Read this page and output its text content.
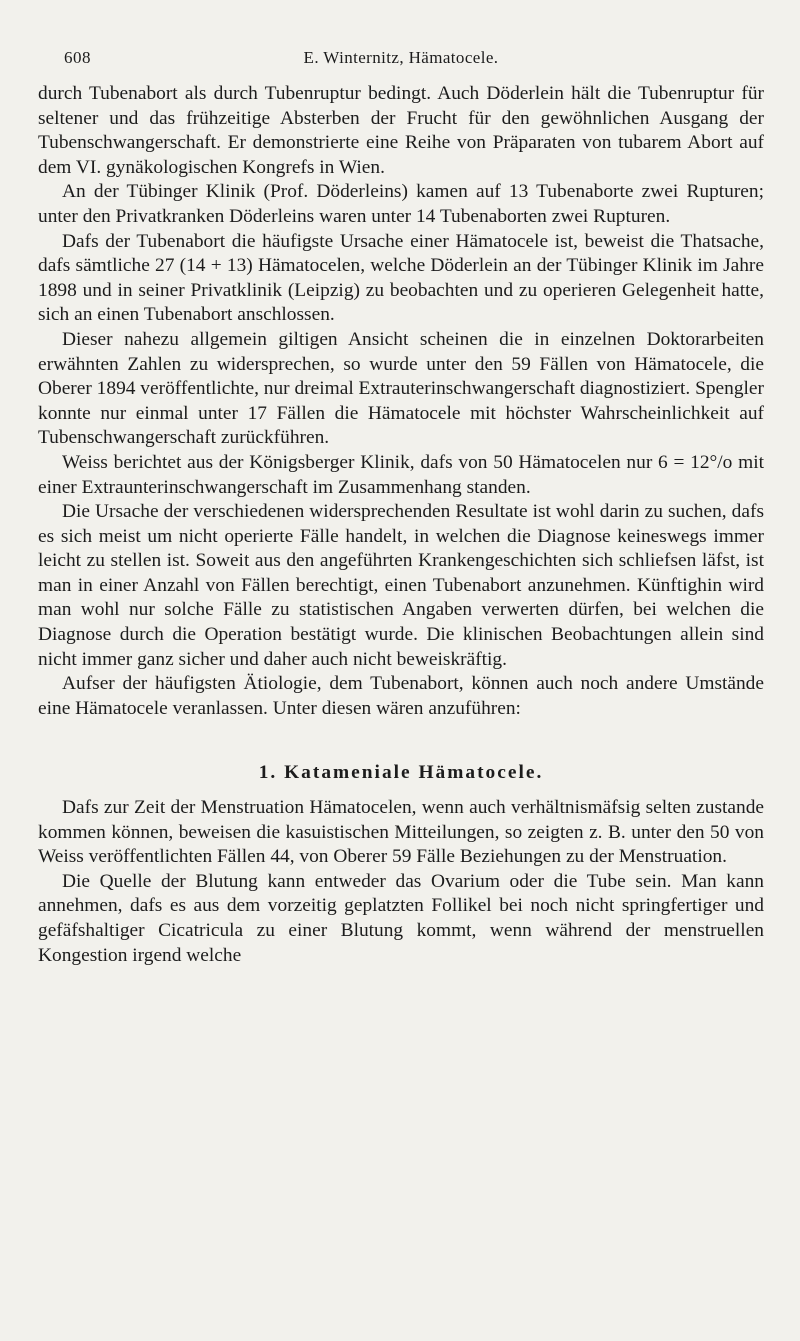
608	E. Winternitz, Hämatocele.

durch Tubenabort als durch Tubenruptur bedingt. Auch Döderlein hält die Tubenruptur für seltener und das frühzeitige Absterben der Frucht für den gewöhnlichen Ausgang der Tubenschwangerschaft. Er demonstrierte eine Reihe von Präparaten von tubarem Abort auf dem VI. gynäkologischen Kongrefs in Wien.

An der Tübinger Klinik (Prof. Döderleins) kamen auf 13 Tubenaborte zwei Rupturen; unter den Privatkranken Döderleins waren unter 14 Tubenaborten zwei Rupturen.

Dafs der Tubenabort die häufigste Ursache einer Hämatocele ist, beweist die Thatsache, dafs sämtliche 27 (14 + 13) Hämatocelen, welche Döderlein an der Tübinger Klinik im Jahre 1898 und in seiner Privatklinik (Leipzig) zu beobachten und zu operieren Gelegenheit hatte, sich an einen Tubenabort anschlossen.

Dieser nahezu allgemein giltigen Ansicht scheinen die in einzelnen Doktorarbeiten erwähnten Zahlen zu widersprechen, so wurde unter den 59 Fällen von Hämatocele, die Oberer 1894 veröffentlichte, nur dreimal Extrauterinschwangerschaft diagnostiziert. Spengler konnte nur einmal unter 17 Fällen die Hämatocele mit höchster Wahrscheinlichkeit auf Tubenschwangerschaft zurückführen.

Weiss berichtet aus der Königsberger Klinik, dafs von 50 Hämatocelen nur 6 = 12°/o mit einer Extraunterinschwangerschaft im Zusammenhang standen.

Die Ursache der verschiedenen widersprechenden Resultate ist wohl darin zu suchen, dafs es sich meist um nicht operierte Fälle handelt, in welchen die Diagnose keineswegs immer leicht zu stellen ist. Soweit aus den angeführten Krankengeschichten sich schliefsen läfst, ist man in einer Anzahl von Fällen berechtigt, einen Tubenabort anzunehmen. Künftighin wird man wohl nur solche Fälle zu statistischen Angaben verwerten dürfen, bei welchen die Diagnose durch die Operation bestätigt wurde. Die klinischen Beobachtungen allein sind nicht immer ganz sicher und daher auch nicht beweiskräftig.

Aufser der häufigsten Ätiologie, dem Tubenabort, können auch noch andere Umstände eine Hämatocele veranlassen. Unter diesen wären anzuführen:

1. Katameniale Hämatocele.

Dafs zur Zeit der Menstruation Hämatocelen, wenn auch verhältnismäfsig selten zustande kommen können, beweisen die kasuistischen Mitteilungen, so zeigten z. B. unter den 50 von Weiss veröffentlichten Fällen 44, von Oberer 59 Fälle Beziehungen zu der Menstruation.

Die Quelle der Blutung kann entweder das Ovarium oder die Tube sein. Man kann annehmen, dafs es aus dem vorzeitig geplatzten Follikel bei noch nicht springfertiger und gefäfshaltiger Cicatricula zu einer Blutung kommt, wenn während der menstruellen Kongestion irgend welche
